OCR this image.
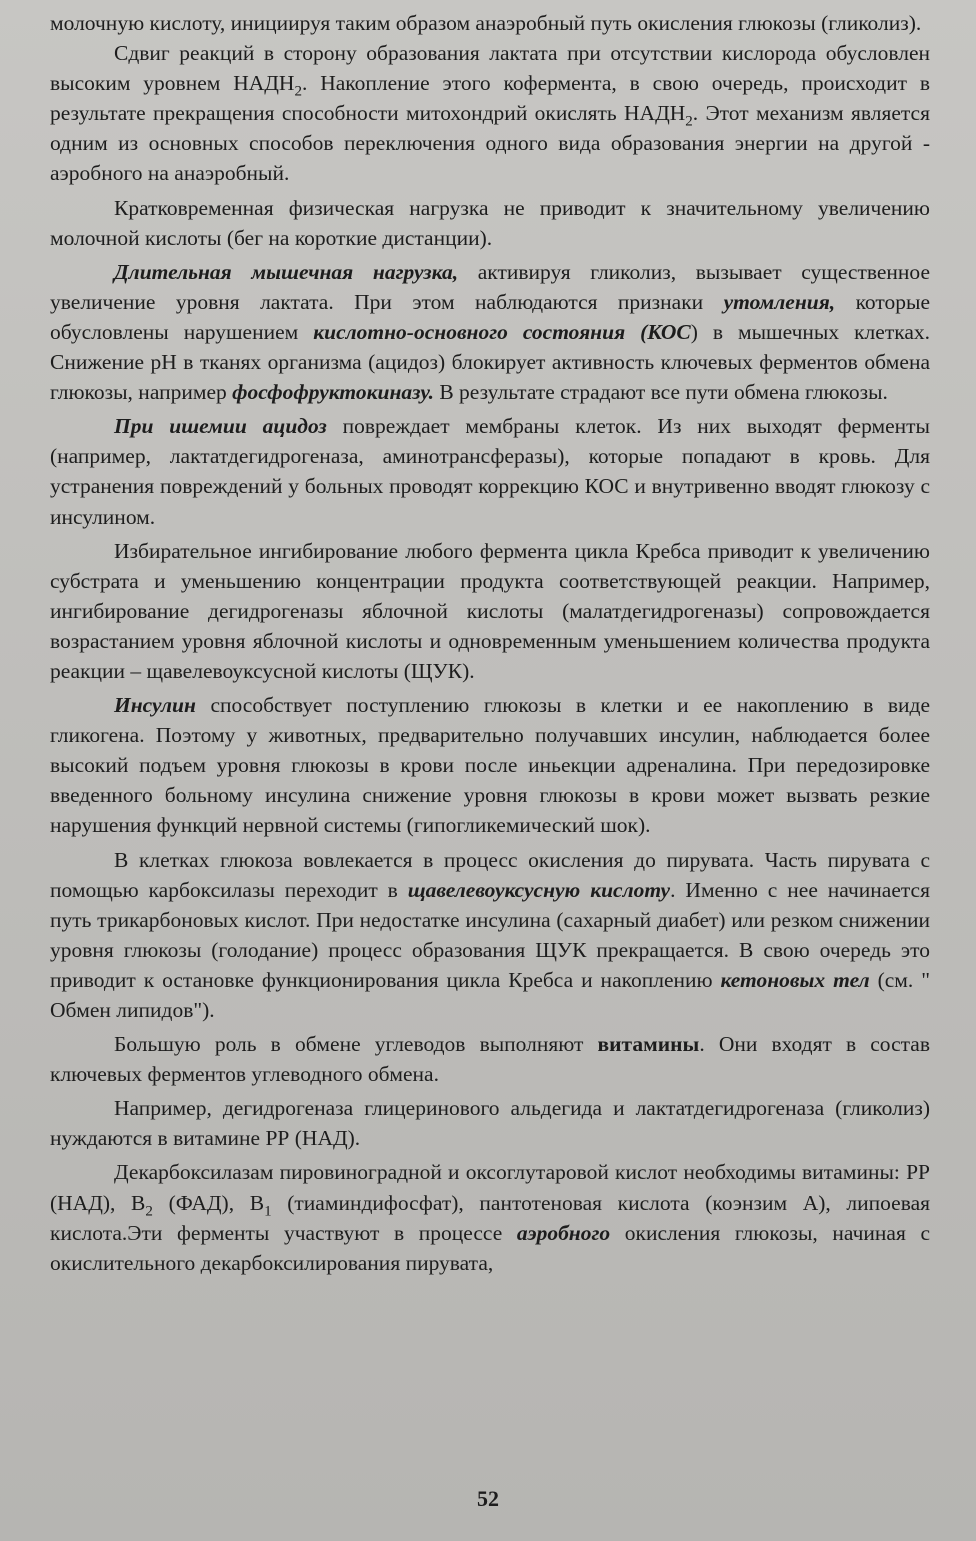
молочную кислоту, инициируя таким образом анаэробный путь окисления глюкозы (гликолиз).

Сдвиг реакций в сторону образования лактата при отсутствии кислорода обусловлен высоким уровнем $НАДН_2$. Накопление этого кофермента, в свою очередь, происходит в результате прекращения способности митохондрий окислять $НАДН_2$. Этот механизм является одним из основных способов переключения одного вида образования энергии на другой - аэробного на анаэробный.

Кратковременная физическая нагрузка не приводит к значительному увеличению молочной кислоты (бег на короткие дистанции).

Длительная мышечная нагрузка, активируя гликолиз, вызывает существенное увеличение уровня лактата. При этом наблюдаются признаки утомления, которые обусловлены нарушением кислотно-основного состояния (КОС) в мышечных клетках. Снижение pH в тканях организма (ацидоз) блокирует активность ключевых ферментов обмена глюкозы, например фосфофруктокиназу. В результате страдают все пути обмена глюкозы.

При ишемии ацидоз повреждает мембраны клеток. Из них выходят ферменты (например, лактатдегидрогеназа, аминотрансферазы), которые попадают в кровь. Для устранения повреждений у больных проводят коррекцию КОС и внутривенно вводят глюкозу с инсулином.

Избирательное ингибирование любого фермента цикла Кребса приводит к увеличению субстрата и уменьшению концентрации продукта соответствующей реакции. Например, ингибирование дегидрогеназы яблочной кислоты (малатдегидрогеназы) сопровождается возрастанием уровня яблочной кислоты и одновременным уменьшением количества продукта реакции – щавелевоуксусной кислоты (ЩУК).

Инсулин способствует поступлению глюкозы в клетки и ее накоплению в виде гликогена. Поэтому у животных, предварительно получавших инсулин, наблюдается более высокий подъем уровня глюкозы в крови после иньекции адреналина. При передозировке введенного больному инсулина снижение уровня глюкозы в крови может вызвать резкие нарушения функций нервной системы (гипогликемический шок).

В клетках глюкоза вовлекается в процесс окисления до пирувата. Часть пирувата с помощью карбоксилазы переходит в щавелевоуксусную кислоту. Именно с нее начинается путь трикарбоновых кислот. При недостатке инсулина (сахарный диабет) или резком снижении уровня глюкозы (голодание) процесс образования ЩУК прекращается. В свою очередь это приводит к остановке функционирования цикла Кребса и накоплению кетоновых тел (см. " Обмен липидов").

Большую роль в обмене углеводов выполняют витамины. Они входят в состав ключевых ферментов углеводного обмена.

Например, дегидрогеназа глицеринового альдегида и лактатдегидрогеназа (гликолиз) нуждаются в витамине РР (НАД).

Декарбоксилазам пировиноградной и оксоглутаровой кислот необходимы витамины: РР (НАД), $В_2$ (ФАД), $В_1$ (тиаминдифосфат), пантотеновая кислота (коэнзим А), липоевая кислота.Эти ферменты участвуют в процессе аэробного окисления глюкозы, начиная с окислительного декарбоксилирования пирувата,

52
